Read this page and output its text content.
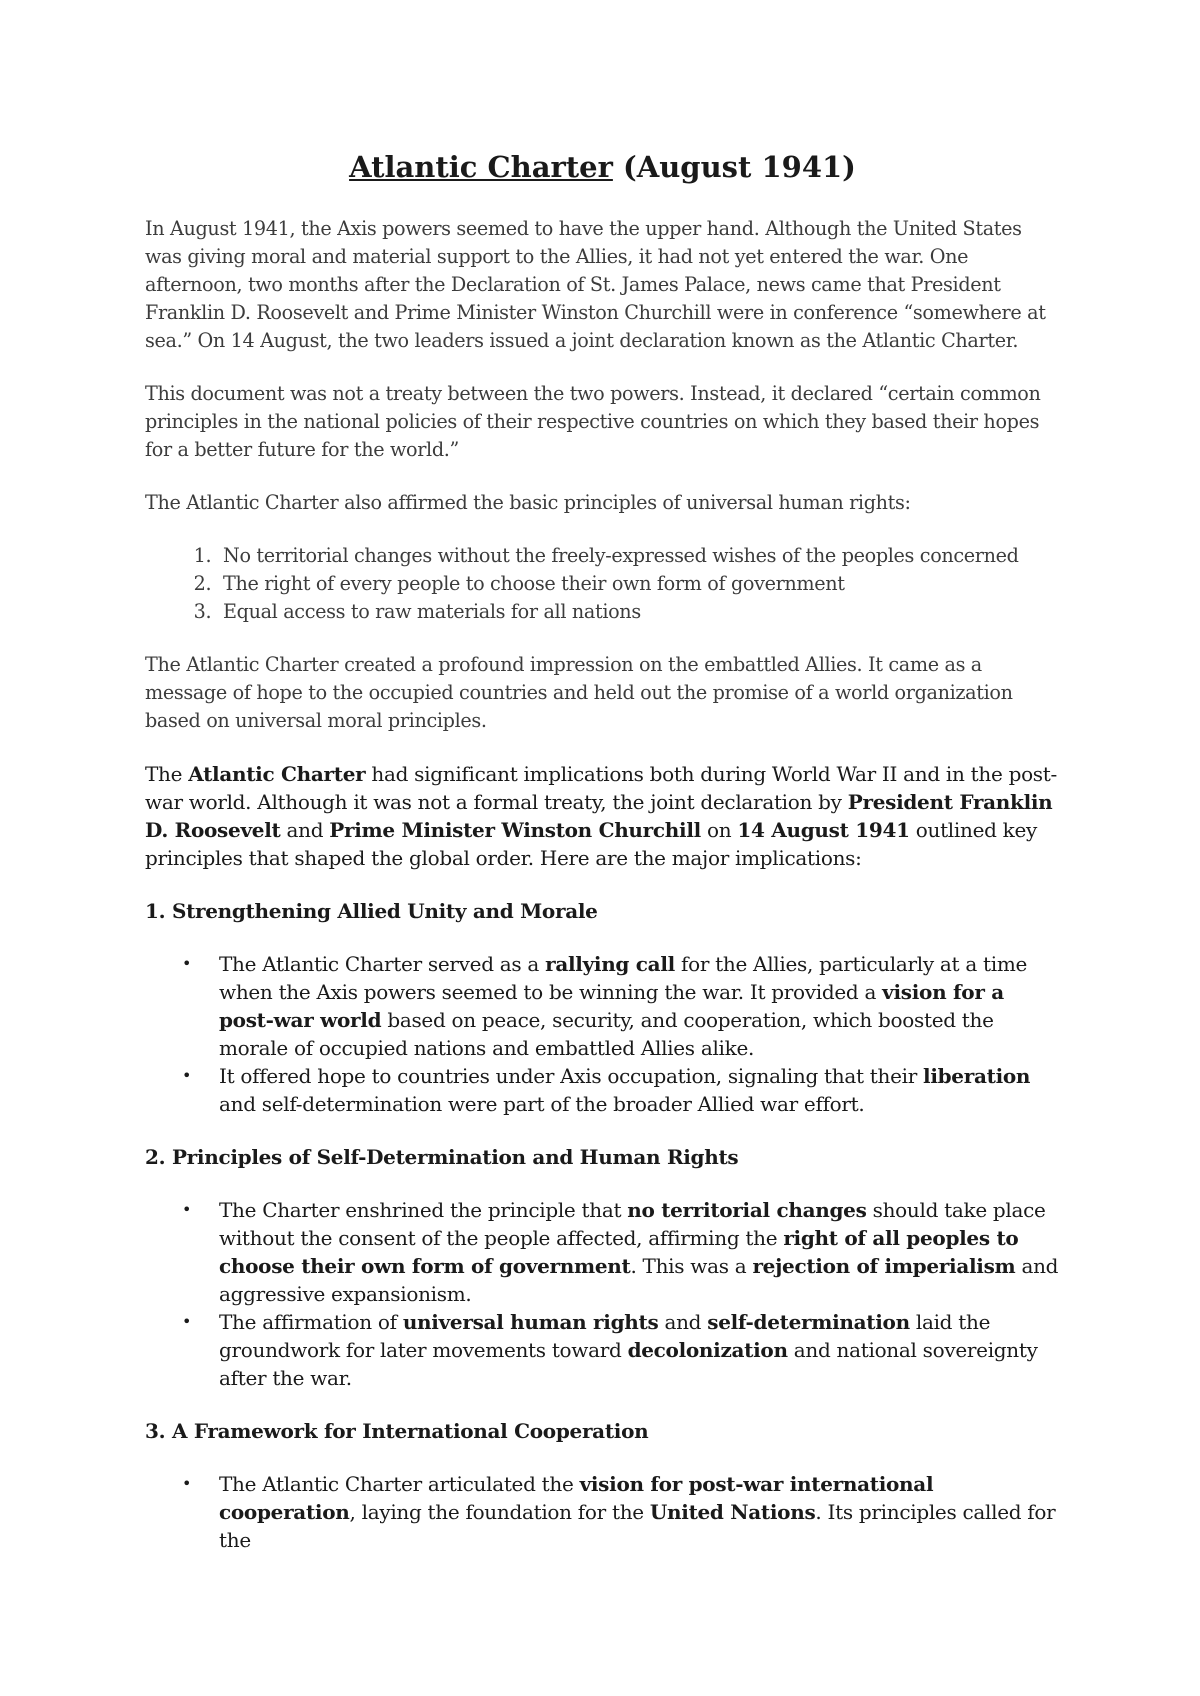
Atlantic Charter (August 1941)

In August 1941, the Axis powers seemed to have the upper hand. Although the United States was giving moral and material support to the Allies, it had not yet entered the war. One afternoon, two months after the Declaration of St. James Palace, news came that President Franklin D. Roosevelt and Prime Minister Winston Churchill were in conference “somewhere at sea.” On 14 August, the two leaders issued a joint declaration known as the Atlantic Charter.

This document was not a treaty between the two powers. Instead, it declared “certain common principles in the national policies of their respective countries on which they based their hopes for a better future for the world.”

The Atlantic Charter also affirmed the basic principles of universal human rights:

1. No territorial changes without the freely-expressed wishes of the peoples concerned
2. The right of every people to choose their own form of government
3. Equal access to raw materials for all nations

The Atlantic Charter created a profound impression on the embattled Allies. It came as a message of hope to the occupied countries and held out the promise of a world organization based on universal moral principles.

The Atlantic Charter had significant implications both during World War II and in the post-war world. Although it was not a formal treaty, the joint declaration by President Franklin D. Roosevelt and Prime Minister Winston Churchill on 14 August 1941 outlined key principles that shaped the global order. Here are the major implications:

1. Strengthening Allied Unity and Morale
• The Atlantic Charter served as a rallying call for the Allies, particularly at a time when the Axis powers seemed to be winning the war. It provided a vision for a post-war world based on peace, security, and cooperation, which boosted the morale of occupied nations and embattled Allies alike.
• It offered hope to countries under Axis occupation, signaling that their liberation and self-determination were part of the broader Allied war effort.
2. Principles of Self-Determination and Human Rights
• The Charter enshrined the principle that no territorial changes should take place without the consent of the people affected, affirming the right of all peoples to choose their own form of government. This was a rejection of imperialism and aggressive expansionism.
• The affirmation of universal human rights and self-determination laid the groundwork for later movements toward decolonization and national sovereignty after the war.
3. A Framework for International Cooperation
• The Atlantic Charter articulated the vision for post-war international cooperation, laying the foundation for the United Nations. Its principles called for the
